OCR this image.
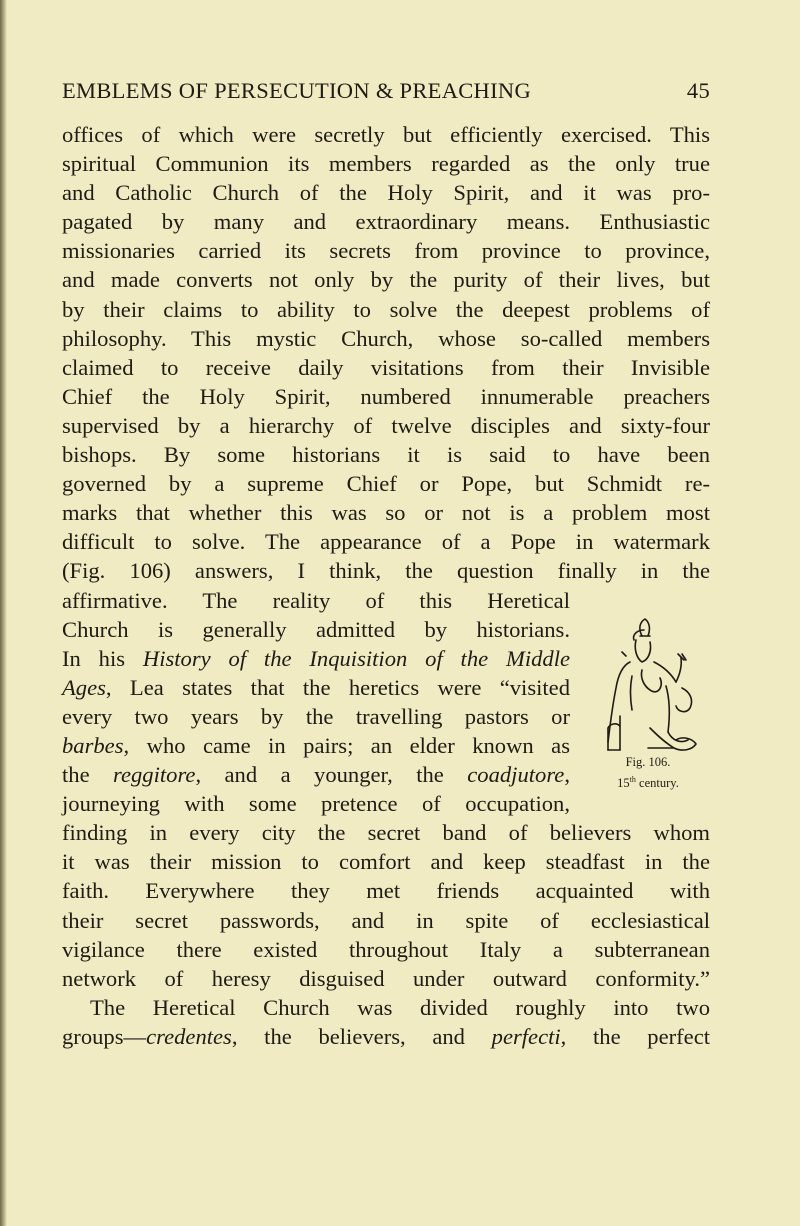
EMBLEMS OF PERSECUTION & PREACHING	45
offices of which were secretly but efficiently exercised. This
spiritual Communion its members regarded as the only true
and Catholic Church of the Holy Spirit, and it was pro-
pagated by many and extraordinary means. Enthusiastic
missionaries carried its secrets from province to province,
and made converts not only by the purity of their lives, but
by their claims to ability to solve the deepest problems of
philosophy. This mystic Church, whose so-called members
claimed to receive daily visitations from their Invisible
Chief the Holy Spirit, numbered innumerable preachers
supervised by a hierarchy of twelve disciples and sixty-four
bishops. By some historians it is said to have been
governed by a supreme Chief or Pope, but Schmidt re-
marks that whether this was so or not is a problem most
difficult to solve. The appearance of a Pope in watermark
(Fig. 106) answers, I think, the question finally in the
affirmative. The reality of this Heretical
Church is generally admitted by historians.
In his History of the Inquisition of the Middle
Ages, Lea states that the heretics were “visited
every two years by the travelling pastors or
barbes, who came in pairs; an elder known as
the reggitore, and a younger, the coadjutore,
journeying with some pretence of occupation,
finding in every city the secret band of believers whom
it was their mission to comfort and keep steadfast in the
faith. Everywhere they met friends acquainted with
their secret passwords, and in spite of ecclesiastical
vigilance there existed throughout Italy a subterranean
network of heresy disguised under outward conformity.”
The Heretical Church was divided roughly into two
groups—credentes, the believers, and perfecti, the perfect
Fig. 106.
15th century.
